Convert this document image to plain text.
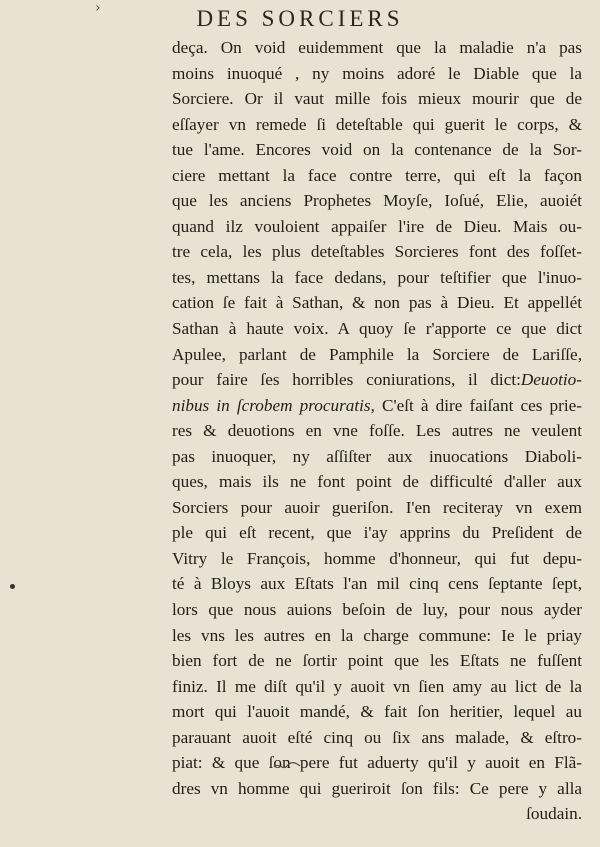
›	DES SORCIERS
deça. On void euidemment que la maladie n'a pas
moins inuoqué , ny moins adoré le Diable que la
Sorciere. Or il vaut mille fois mieux mourir que de
eſſayer vn remede ſi deteſtable qui guerit le corps, &
tue l'ame. Encores void on la contenance de la Sor-
ciere mettant la face contre terre, qui eſt la façon
que les anciens Prophetes Moyſe, Ioſué, Elie, auoiét
quand ilz vouloient appaiſer l'ire de Dieu. Mais ou-
tre cela, les plus deteſtables Sorcieres font des foſſet-
tes, mettans la face dedans, pour teſtifier que l'inuo-
cation ſe fait à Sathan, & non pas à Dieu. Et appellét
Sathan à haute voix. A quoy ſe r'apporte ce que dict
Apulee, parlant de Pamphile la Sorciere de Lariſſe,
pour faire ſes horribles coniurations, il dict:Deuotio-
nibus in ſcrobem procuratis, C'eſt à dire faiſant ces prie-
res & deuotions en vne foſſe. Les autres ne veulent
pas inuoquer, ny aſſiſter aux inuocations Diaboli-
ques, mais ils ne font point de difficulté d'aller aux
Sorciers pour auoir gueriſon. I'en reciteray vn exem
ple qui eſt recent, que i'ay apprins du Preſident de
Vitry le François, homme d'honneur, qui fut depu-
té à Bloys aux Eſtats l'an mil cinq cens ſeptante ſept,
lors que nous auions beſoin de luy, pour nous ayder
les vns les autres en la charge commune: Ie le priay
bien fort de ne ſortir point que les Eſtats ne fuſſent
finiz. Il me diſt qu'il y auoit vn ſien amy au lict de la
mort qui l'auoit mandé, & fait ſon heritier, lequel au
parauant auoit eſté cinq ou ſix ans malade, & eſtro-
piat: & que ſon pere fut aduerty qu'il y auoit en Flã-
dres vn homme qui gueriroit ſon fils: Ce pere y alla
ſoudain.
